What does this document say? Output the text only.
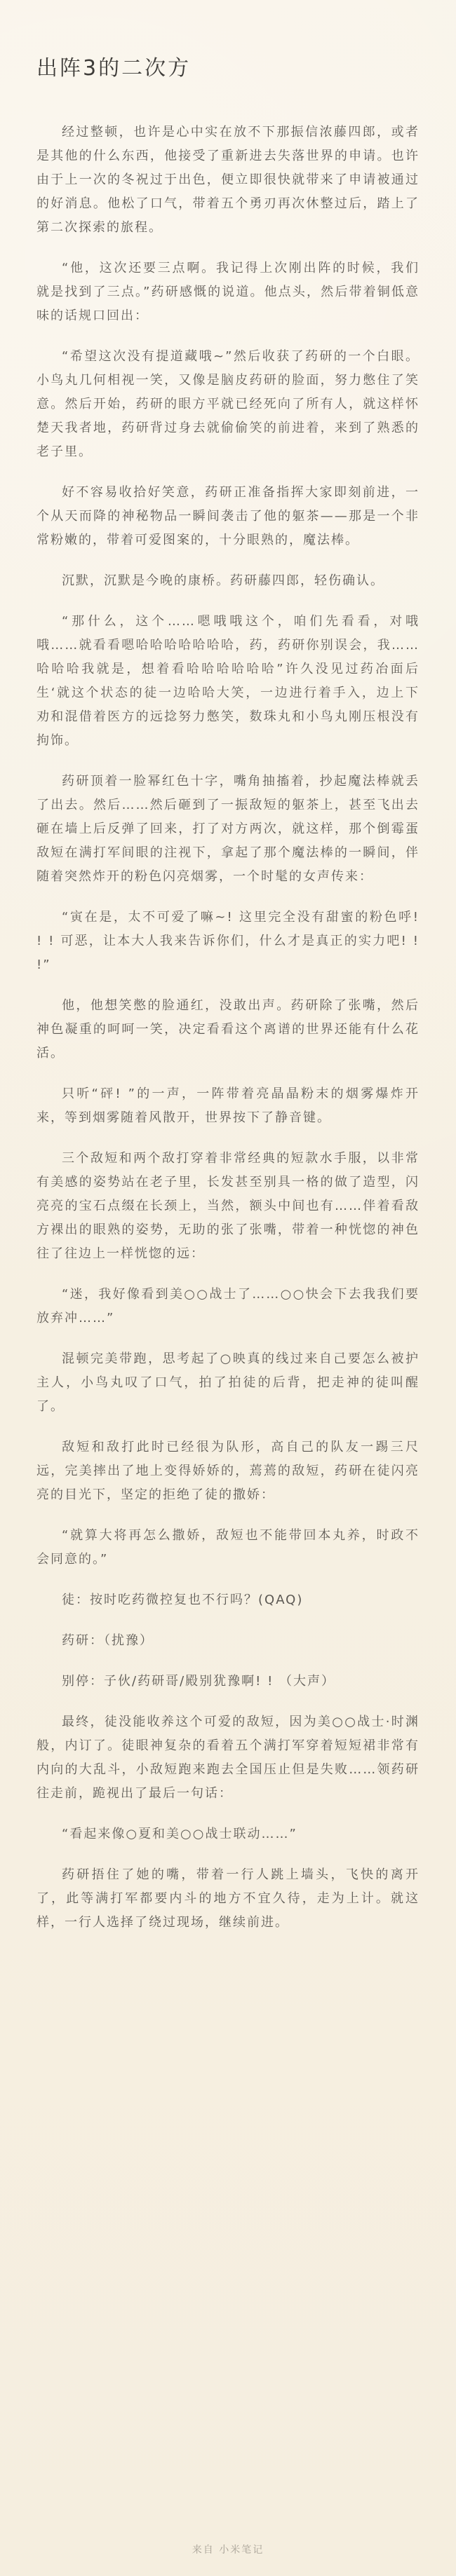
出阵3的二次方

经过整顿，也许是心中实在放不下那振信浓藤四郎，或者是其他的什么东西，他接受了重新进去失落世界的申请。也许由于上一次的冬祝过于出色，便立即很快就带来了申请被通过的好消息。他松了口气，带着五个勇刃再次休整过后，踏上了第二次探索的旅程。

“他，这次还要三点啊。我记得上次刚出阵的时候，我们就是找到了三点。”药研感慨的说道。他点头，然后带着铜低意味的话规口回出：

“希望这次没有提道藏哦~”然后收获了药研的一个白眼。小鸟丸几何相视一笑，又像是脑皮药研的脸面，努力憋住了笑意。然后开始，药研的眼方平就已经死向了所有人，就这样怀楚天我者地，药研背过身去就偷偷笑的前进着，来到了熟悉的老子里。

好不容易收拾好笑意，药研正准备指挥大家即刻前进，一个从天而降的神秘物品一瞬间袭击了他的躯茶——那是一个非常粉嫩的，带着可爱图案的，十分眼熟的，魔法棒。

沉默，沉默是今晚的康桥。药研藤四郎，轻伤确认。

“那什么，这个……嗯哦哦这个，咱们先看看，对哦哦……就看看嗯哈哈哈哈哈哈哈，药，药研你别误会，我……哈哈哈我就是，想着看哈哈哈哈哈哈”许久没见过药冶面后生‘就这个状态的徒一边哈哈大笑，一边进行着手入，边上下劝和混借着医方的远捻努力憋笑，数珠丸和小鸟丸刚压根没有拘饰。

药研顶着一脸幂红色十字，嘴角抽搐着，抄起魔法棒就丢了出去。然后……然后砸到了一振敌短的躯茶上，甚至飞出去砸在墙上后反弹了回来，打了对方两次，就这样，那个倒霉蛋敌短在满打军间眼的注视下，拿起了那个魔法棒的一瞬间，伴随着突然炸开的粉色闪亮烟雾，一个时髦的女声传来：

“寅在是，太不可爱了嘛~! 这里完全没有甜蜜的粉色呼! ! ! 可恶，让本大人我来告诉你们，什么才是真正的实力吧! ! !”

他，他想笑憋的脸通红，没敢出声。药研除了张嘴，然后神色凝重的呵呵一笑，决定看看这个离谱的世界还能有什么花活。

只听“砰! ”的一声，一阵带着亮晶晶粉末的烟雾爆炸开来，等到烟雾随着风散开，世界按下了静音键。

三个敌短和两个敌打穿着非常经典的短款水手服，以非常有美感的姿势站在老子里，长发甚至别具一格的做了造型，闪亮亮的宝石点缀在长颈上，当然，额头中间也有……伴着看敌方裸出的眼熟的姿势，无助的张了张嘴，带着一种恍惚的神色往了往边上一样恍惚的远：

“迷，我好像看到美○○战士了……○○快会下去我我们要放弃冲……”

混顿完美带跑，思考起了○映真的线过来自己要怎么被护主人，小鸟丸叹了口气，拍了拍徒的后背，把走神的徒叫醒了。

敌短和敌打此时已经很为队形，高自己的队友一踢三尺远，完美摔出了地上变得娇娇的，蔫蔫的敌短，药研在徒闪亮亮的目光下，坚定的拒绝了徒的撒娇：

“就算大将再怎么撒娇，敌短也不能带回本丸养，时政不会同意的。”

徒：按时吃药微控复也不行吗？(QAQ)

药研：（扰豫）

别停：子伙/药研哥/殿别犹豫啊! ! （大声）

最终，徒没能收养这个可爱的敌短，因为美○○战士·时渊般，内订了。徒眼神复杂的看着五个满打军穿着短短裙非常有内向的大乱斗，小敌短跑来跑去全国压止但是失败……领药研往走前，跪视出了最后一句话：

“看起来像○夏和美○○战士联动……”

药研捂住了她的嘴，带着一行人跳上墙头，飞快的离开了，此等满打军都要内斗的地方不宜久待，走为上计。就这样，一行人选择了绕过现场，继续前进。

来自 小米笔记
